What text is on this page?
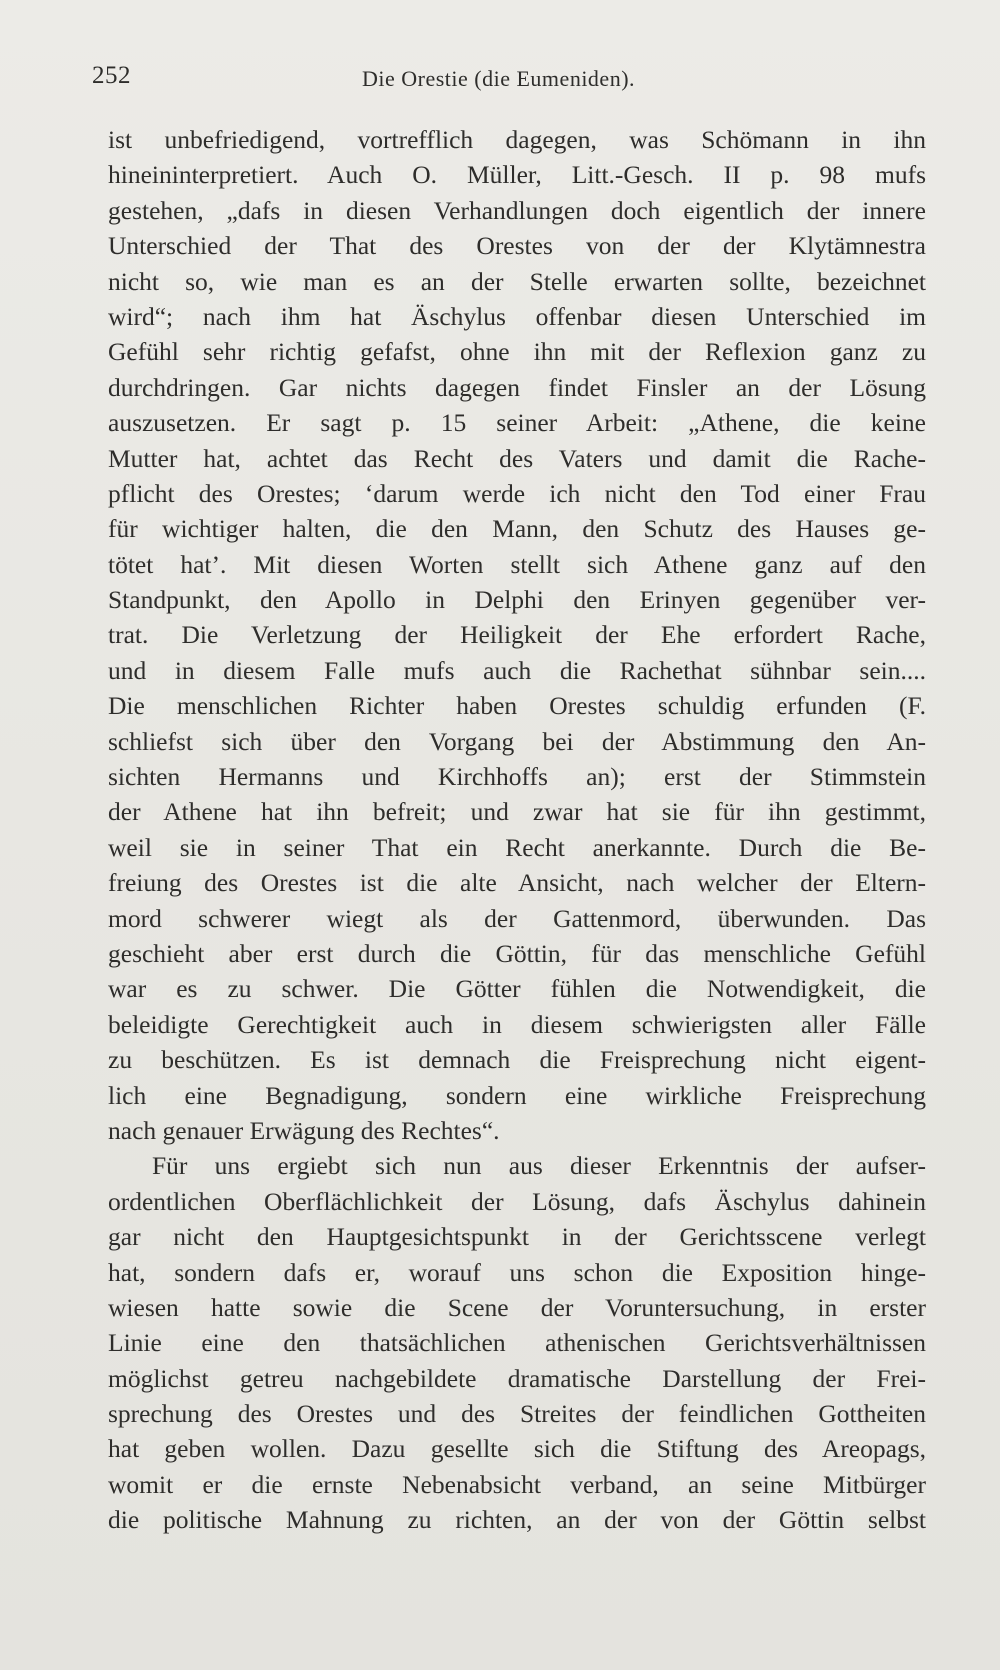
252	Die Orestie (die Eumeniden).
ist unbefriedigend, vortrefflich dagegen, was Schömann in ihn
hineininterpretiert. Auch O. Müller, Litt.-Gesch. II p. 98 mufs
gestehen, „dafs in diesen Verhandlungen doch eigentlich der innere
Unterschied der That des Orestes von der der Klytämnestra
nicht so, wie man es an der Stelle erwarten sollte, bezeichnet
wird“; nach ihm hat Äschylus offenbar diesen Unterschied im
Gefühl sehr richtig gefafst, ohne ihn mit der Reflexion ganz zu
durchdringen. Gar nichts dagegen findet Finsler an der Lösung
auszusetzen. Er sagt p. 15 seiner Arbeit: „Athene, die keine
Mutter hat, achtet das Recht des Vaters und damit die Rache-
pflicht des Orestes; ‘darum werde ich nicht den Tod einer Frau
für wichtiger halten, die den Mann, den Schutz des Hauses ge-
tötet hat’. Mit diesen Worten stellt sich Athene ganz auf den
Standpunkt, den Apollo in Delphi den Erinyen gegenüber ver-
trat. Die Verletzung der Heiligkeit der Ehe erfordert Rache,
und in diesem Falle mufs auch die Rachethat sühnbar sein....
Die menschlichen Richter haben Orestes schuldig erfunden (F.
schliefst sich über den Vorgang bei der Abstimmung den An-
sichten Hermanns und Kirchhoffs an); erst der Stimmstein
der Athene hat ihn befreit; und zwar hat sie für ihn gestimmt,
weil sie in seiner That ein Recht anerkannte. Durch die Be-
freiung des Orestes ist die alte Ansicht, nach welcher der Eltern-
mord schwerer wiegt als der Gattenmord, überwunden. Das
geschieht aber erst durch die Göttin, für das menschliche Gefühl
war es zu schwer. Die Götter fühlen die Notwendigkeit, die
beleidigte Gerechtigkeit auch in diesem schwierigsten aller Fälle
zu beschützen. Es ist demnach die Freisprechung nicht eigent-
lich eine Begnadigung, sondern eine wirkliche Freisprechung
nach genauer Erwägung des Rechtes“.
Für uns ergiebt sich nun aus dieser Erkenntnis der aufser-
ordentlichen Oberflächlichkeit der Lösung, dafs Äschylus dahinein
gar nicht den Hauptgesichtspunkt in der Gerichtsscene verlegt
hat, sondern dafs er, worauf uns schon die Exposition hinge-
wiesen hatte sowie die Scene der Voruntersuchung, in erster
Linie eine den thatsächlichen athenischen Gerichtsverhältnissen
möglichst getreu nachgebildete dramatische Darstellung der Frei-
sprechung des Orestes und des Streites der feindlichen Gottheiten
hat geben wollen. Dazu gesellte sich die Stiftung des Areopags,
womit er die ernste Nebenabsicht verband, an seine Mitbürger
die politische Mahnung zu richten, an der von der Göttin selbst
